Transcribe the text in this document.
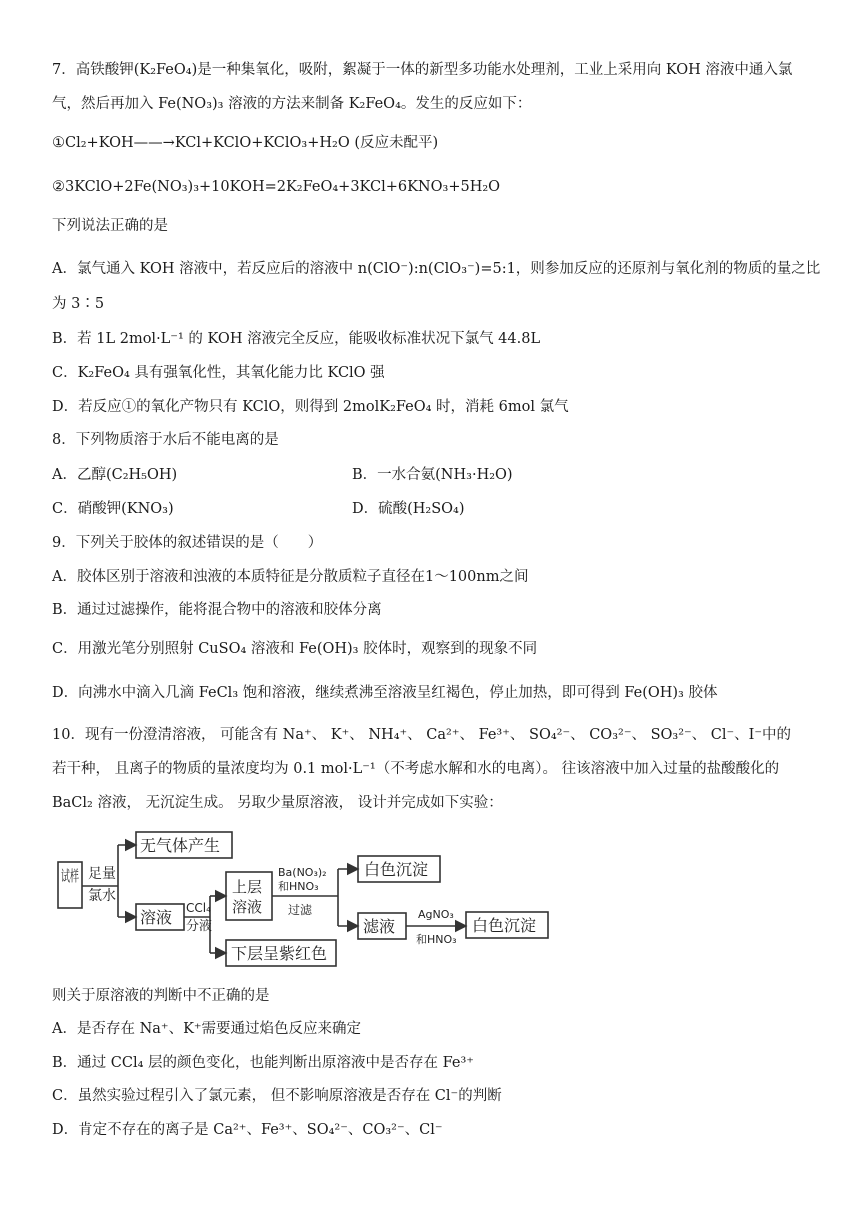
7．高铁酸钾(K₂FeO₄)是一种集氧化，吸附，絮凝于一体的新型多功能水处理剂，工业上采用向 KOH 溶液中通入氯
气，然后再加入 Fe(NO₃)₃ 溶液的方法来制备 K₂FeO₄。发生的反应如下：
①Cl₂+KOH——→KCl+KClO+KClO₃+H₂O (反应未配平)
②3KClO+2Fe(NO₃)₃+10KOH=2K₂FeO₄+3KCl+6KNO₃+5H₂O
下列说法正确的是
A．氯气通入 KOH 溶液中，若反应后的溶液中 n(ClO⁻):n(ClO₃⁻)=5:1，则参加反应的还原剂与氧化剂的物质的量之比
为 3∶5
B．若 1L 2mol·L⁻¹ 的 KOH 溶液完全反应，能吸收标准状况下氯气 44.8L
C．K₂FeO₄ 具有强氧化性，其氧化能力比 KClO 强
D．若反应①的氧化产物只有 KClO，则得到 2molK₂FeO₄ 时，消耗 6mol 氯气
8．下列物质溶于水后不能电离的是
A．乙醇(C₂H₅OH)	B．一水合氨(NH₃·H₂O)
C．硝酸钾(KNO₃)	D．硫酸(H₂SO₄)
9．下列关于胶体的叙述错误的是（　　）
A．胶体区别于溶液和浊液的本质特征是分散质粒子直径在1～100nm之间
B．通过过滤操作，能将混合物中的溶液和胶体分离
C．用激光笔分别照射 CuSO₄ 溶液和 Fe(OH)₃ 胶体时，观察到的现象不同
D．向沸水中滴入几滴 FeCl₃ 饱和溶液，继续煮沸至溶液呈红褐色，停止加热，即可得到 Fe(OH)₃ 胶体
10．现有一份澄清溶液， 可能含有 Na⁺、 K⁺、 NH₄⁺、 Ca²⁺、 Fe³⁺、 SO₄²⁻、 CO₃²⁻、 SO₃²⁻、 Cl⁻、I⁻中的
若干种， 且离子的物质的量浓度均为 0.1 mol·L⁻¹（不考虑水解和水的电离）。 往该溶液中加入过量的盐酸酸化的
BaCl₂ 溶液， 无沉淀生成。 另取少量原溶液， 设计并完成如下实验：
试样 足量
氯水
无气体产生
溶液 CCl₄
分液
上层
溶液
Ba(NO₃)₂
和HNO₃
过滤
白色沉淀
滤液
AgNO₃
和HNO₃
白色沉淀
下层呈紫红色
则关于原溶液的判断中不正确的是
A．是否存在 Na⁺、K⁺需要通过焰色反应来确定
B．通过 CCl₄ 层的颜色变化，也能判断出原溶液中是否存在 Fe³⁺
C．虽然实验过程引入了氯元素， 但不影响原溶液是否存在 Cl⁻的判断
D．肯定不存在的离子是 Ca²⁺、Fe³⁺、SO₄²⁻、CO₃²⁻、Cl⁻
